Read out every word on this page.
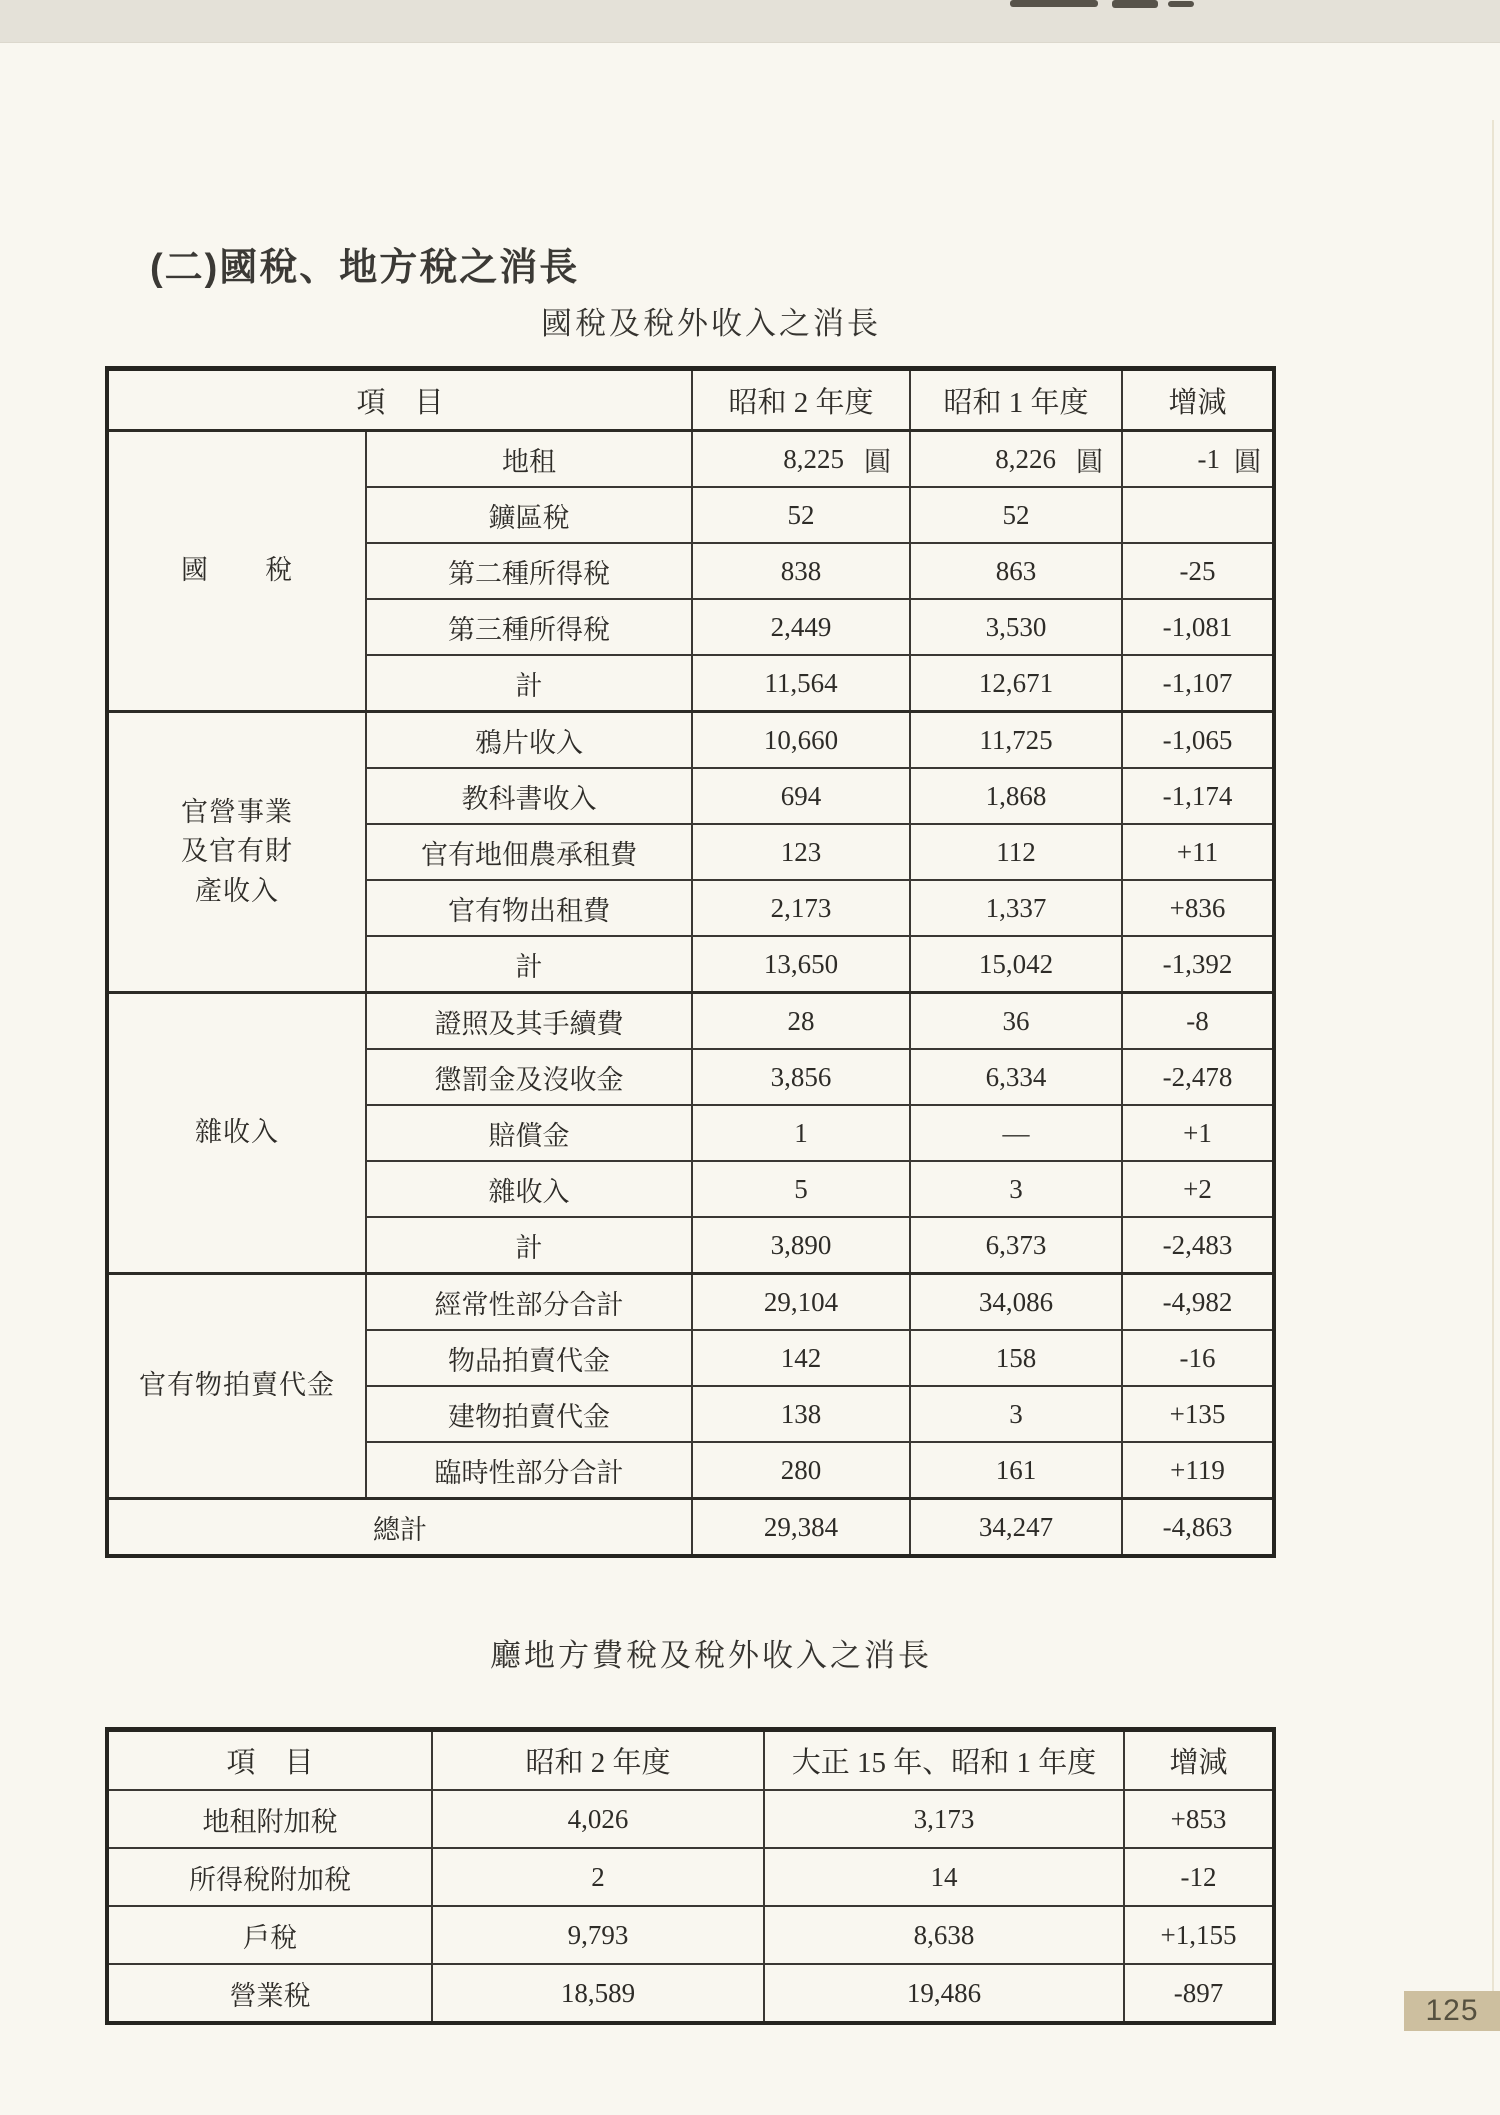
(二)國稅、地方稅之消長
國稅及稅外收入之消長
項　目		昭和 2 年度	昭和 1 年度	增減

國　　稅	地租	8,225 圓	8,226 圓	-1 圓

	鑛區稅	52	52	
	第二種所得稅	838	863	-25
	第三種所得稅	2,449	3,530	-1,081
	計	11,564	12,671	-1,107

官營事業
及官有財
產收入	鴉片收入	10,660	11,725	-1,065
	教科書收入	694	1,868	-1,174
	官有地佃農承租費	123	112	+11
	官有物出租費	2,173	1,337	+836
	計	13,650	15,042	-1,392

雜收入	證照及其手續費	28	36	-8
	懲罰金及沒收金	3,856	6,334	-2,478
	賠償金	1	—	+1
	雜收入	5	3	+2
	計	3,890	6,373	-2,483

官有物拍賣代金	經常性部分合計	29,104	34,086	-4,982
	物品拍賣代金	142	158	-16
	建物拍賣代金	138	3	+135
	臨時性部分合計	280	161	+119
總計		29,384	34,247	-4,863
廳地方費稅及稅外收入之消長
項　目	昭和 2 年度	大正 15 年、昭和 1 年度	增減
地租附加稅	4,026	3,173	+853
所得稅附加稅	2	14	-12
戶稅	9,793	8,638	+1,155
營業稅	18,589	19,486	-897
125
